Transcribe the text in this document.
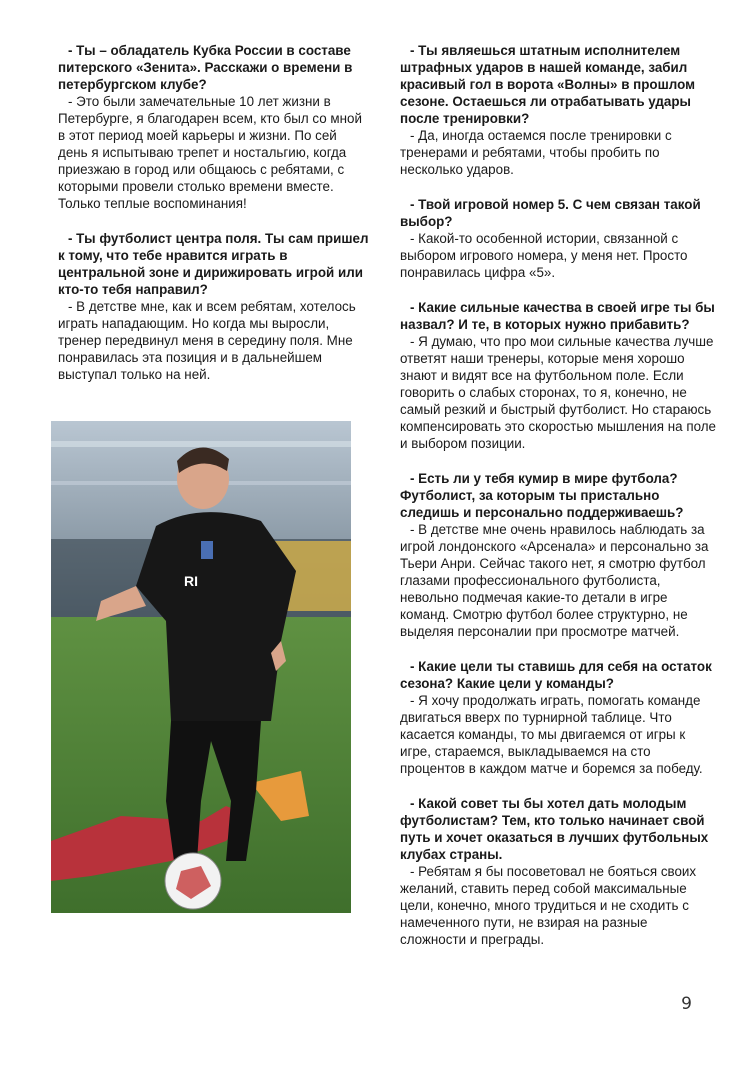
- Ты – обладатель Кубка России в составе питерского «Зенита». Расскажи о времени в петербургском клубе?

- Это были замечательные 10 лет жизни в Петербурге, я благодарен всем, кто был со мной в этот период моей карьеры и жизни. По сей день я испытываю трепет и ностальгию, когда приезжаю в город или общаюсь с ребятами, с которыми провели столько времени вместе. Только теплые воспоминания!

- Ты футболист центра поля. Ты сам пришел к тому, что тебе нравится играть в центральной зоне и дирижировать игрой или кто-то тебя направил?

- В детстве мне, как и всем ребятам, хотелось играть нападающим. Но когда мы выросли, тренер передвинул меня в середину поля. Мне понравилась эта позиция и в дальнейшем выступал только на ней.

RI

- Ты являешься штатным исполнителем штрафных ударов в нашей команде, забил красивый гол в ворота «Волны» в прошлом сезоне. Остаешься ли отрабатывать удары после тренировки?

- Да, иногда остаемся после тренировки с тренерами и ребятами, чтобы пробить по несколько ударов.

- Твой игровой номер 5. С чем связан такой выбор?

- Какой-то особенной истории, связанной с выбором игрового номера, у меня нет. Просто понравилась цифра «5».

- Какие сильные качества в своей игре ты бы назвал? И те, в которых нужно прибавить?

- Я думаю, что про мои сильные качества лучше ответят наши тренеры, которые меня хорошо знают и видят все на футбольном поле. Если говорить о слабых сторонах, то я, конечно, не самый резкий и быстрый футболист. Но стараюсь компенсировать это скоростью мышления на поле и выбором позиции.

- Есть ли у тебя кумир в мире футбола? Футболист, за которым ты пристально следишь и персонально поддерживаешь?

- В детстве мне очень нравилось наблюдать за игрой лондонского «Арсенала» и персонально за Тьери Анри. Сейчас такого нет, я смотрю футбол глазами профессионального футболиста, невольно подмечая какие-то детали в игре команд. Смотрю футбол более структурно, не выделяя персоналии при просмотре матчей.

- Какие цели ты ставишь для себя на остаток сезона? Какие цели у команды?

- Я хочу продолжать играть, помогать команде двигаться вверх по турнирной таблице. Что касается команды, то мы двигаемся от игры к игре, стараемся, выкладываемся на сто процентов в каждом матче и боремся за победу.

- Какой совет ты бы хотел дать молодым футболистам? Тем, кто только начинает свой путь и хочет оказаться в лучших футбольных клубах страны.

- Ребятам я бы посоветовал не бояться своих желаний, ставить перед собой максимальные цели, конечно, много трудиться и не сходить с намеченного пути, не взирая на разные сложности и преграды.

9
